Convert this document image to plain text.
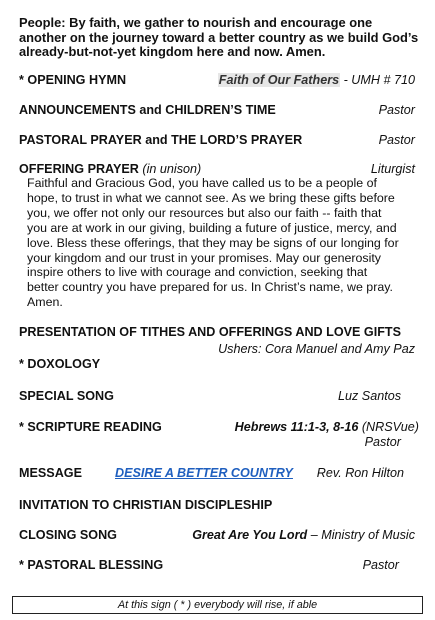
People: By faith, we gather to nourish and encourage one another on the journey toward a better country as we build God’s already-but-not-yet kingdom here and now. Amen.
* OPENING HYMN	Faith of Our Fathers - UMH # 710
ANNOUNCEMENTS and CHILDREN’S TIME	Pastor
PASTORAL PRAYER and THE LORD’S PRAYER	Pastor
OFFERING PRAYER (in unison)	Liturgist
Faithful and Gracious God, you have called us to be a people of
hope, to trust in what we cannot see. As we bring these gifts before
you, we offer not only our resources but also our faith -- faith that
you are at work in our giving, building a future of justice, mercy, and
love. Bless these offerings, that they may be signs of our longing for
your kingdom and our trust in your promises. May our generosity
inspire others to live with courage and conviction, seeking that
better country you have prepared for us. In Christ’s name, we pray.
Amen.
PRESENTATION OF TITHES AND OFFERINGS AND LOVE GIFTS
Ushers: Cora Manuel and Amy Paz
* DOXOLOGY
SPECIAL SONG	Luz Santos
* SCRIPTURE READING	Hebrews 11:1-3, 8-16 (NRSVue)
Pastor
MESSAGE	DESIRE A BETTER COUNTRY Rev. Ron Hilton
INVITATION TO CHRISTIAN DISCIPLESHIP
CLOSING SONG	Great Are You Lord – Ministry of Music
* PASTORAL BLESSING	Pastor
At this sign ( * ) everybody will rise, if able
